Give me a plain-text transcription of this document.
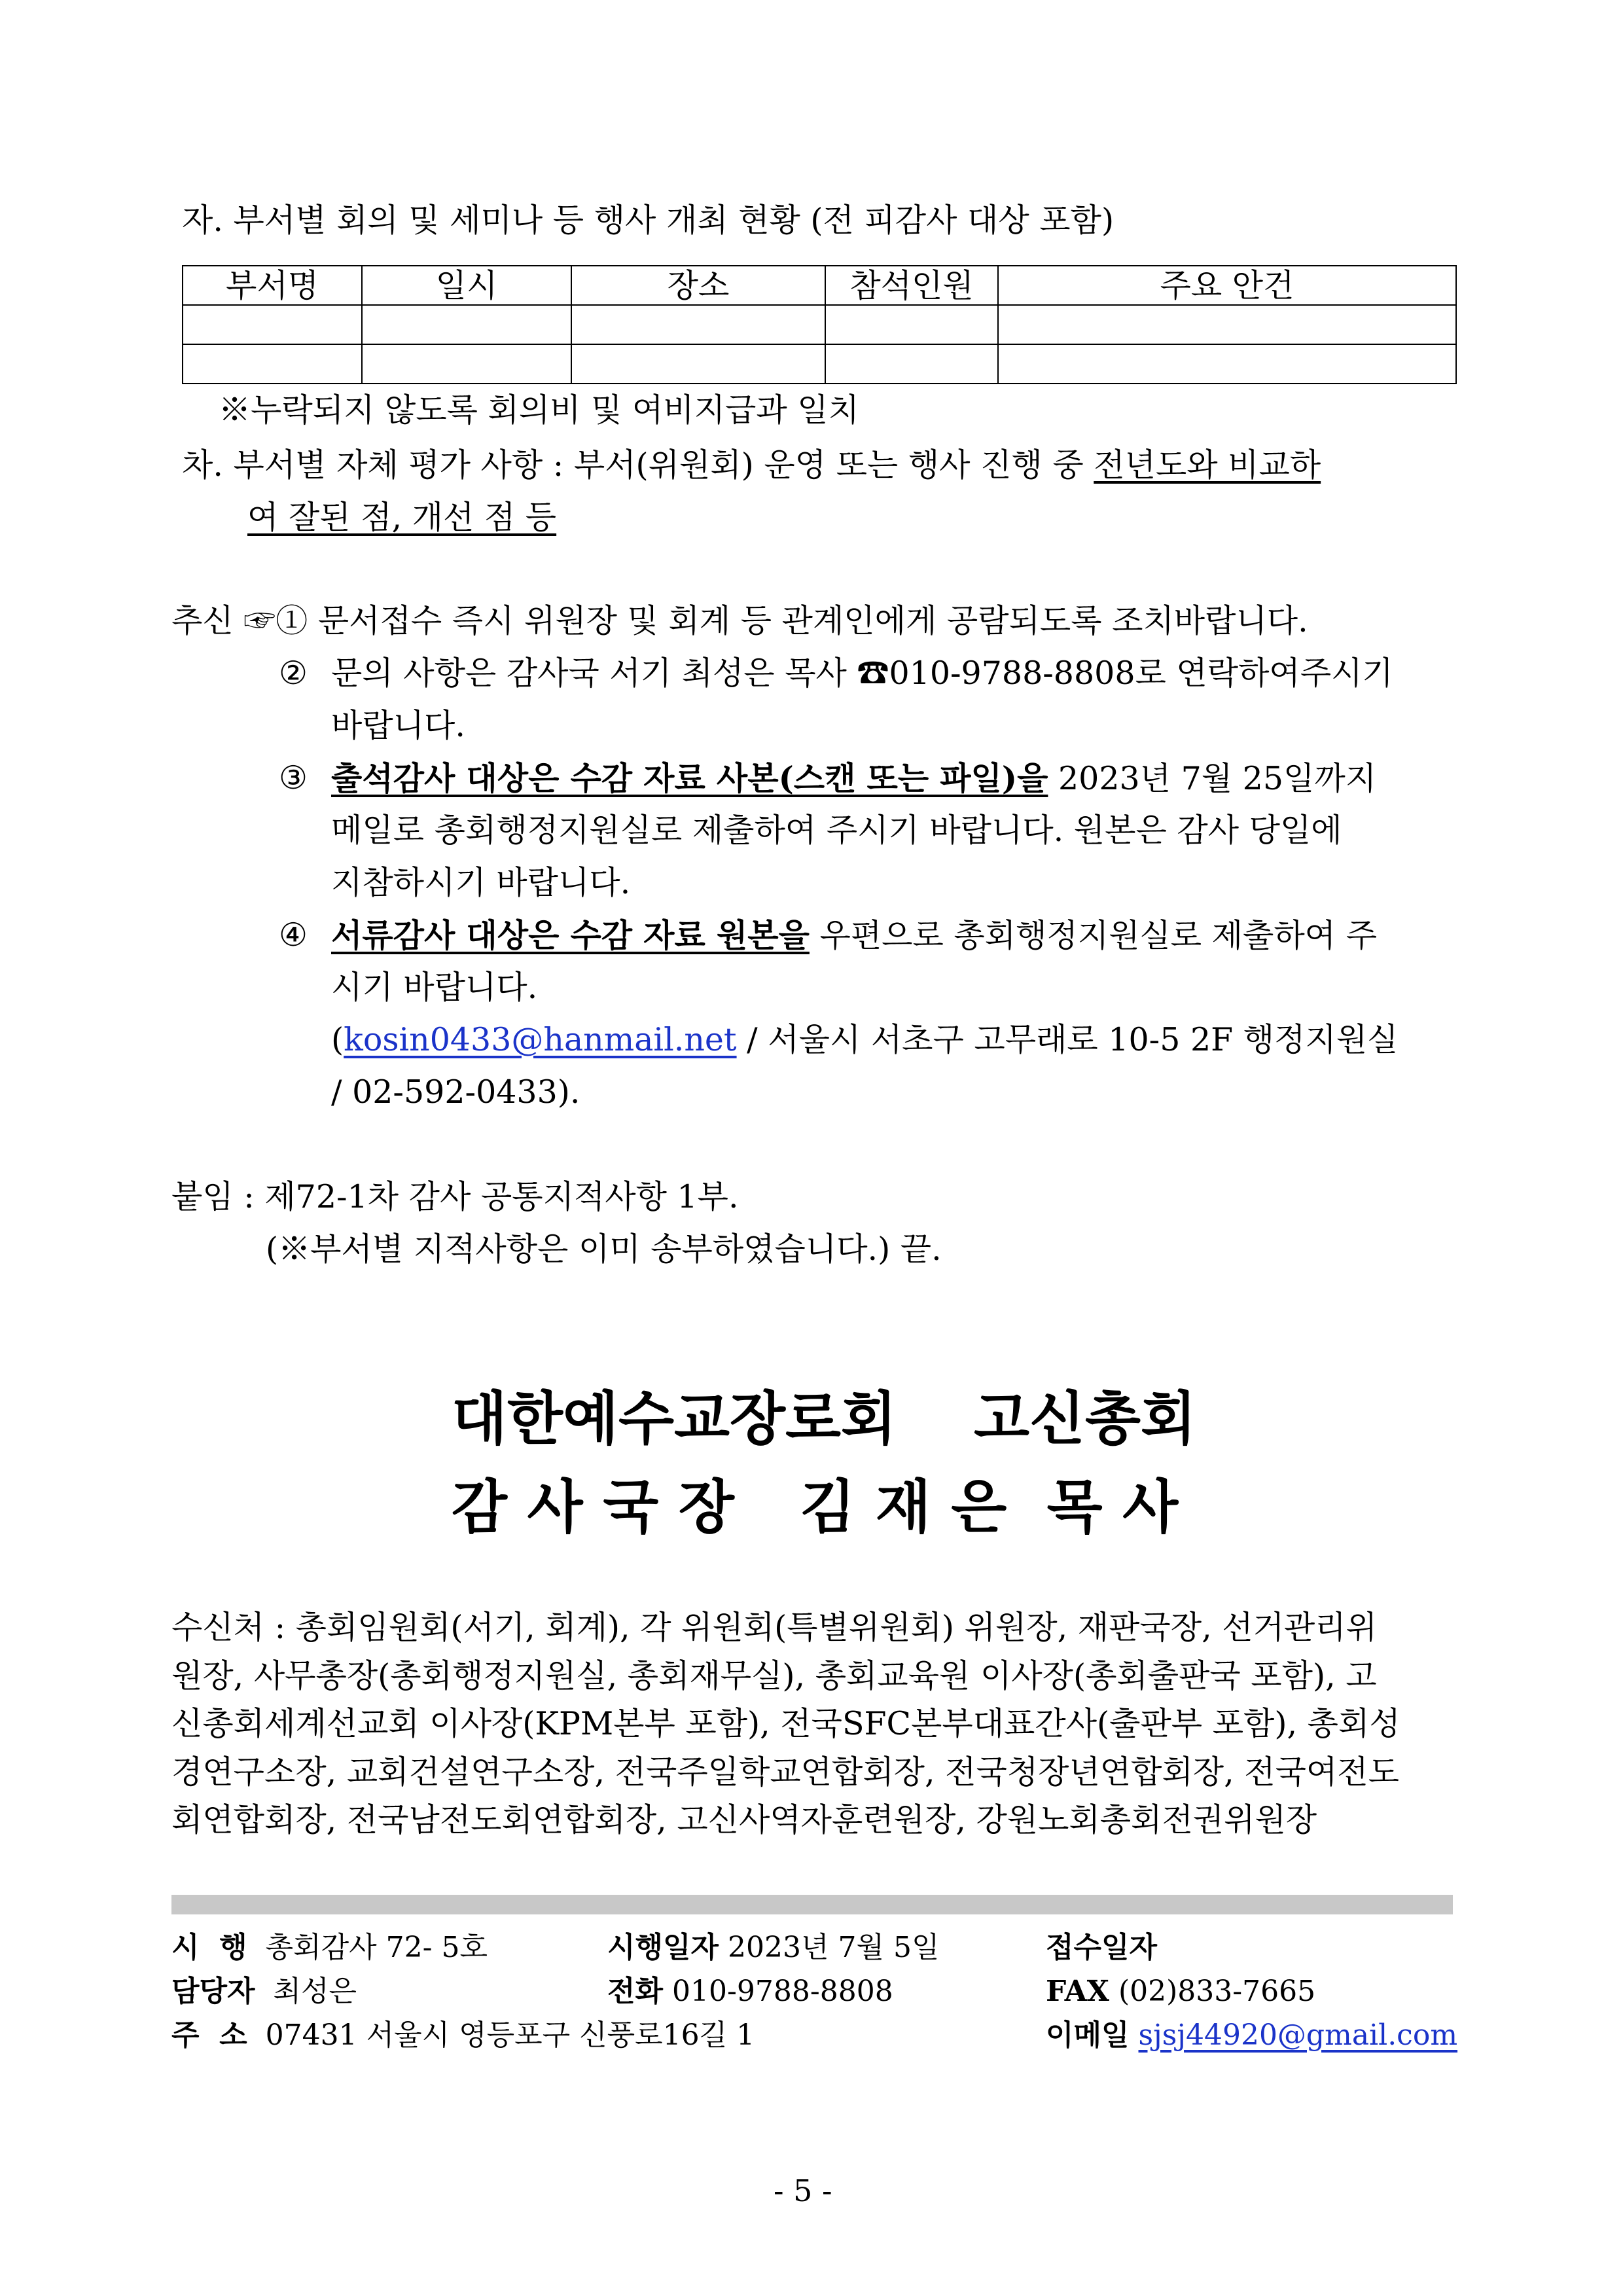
자. 부서별 회의 및 세미나 등 행사 개최 현황 (전 피감사 대상 포함)
부서명	일시	장소	참석인원	주요 안건

※누락되지 않도록 회의비 및 여비지급과 일치
차. 부서별 자체 평가 사항 : 부서(위원회) 운영 또는 행사 진행 중 전년도와 비교하
여 잘된 점, 개선 점 등
추신 ☞① 문서접수 즉시 위원장 및 회계 등 관계인에게 공람되도록 조치바랍니다.
② 문의 사항은 감사국 서기 최성은 목사 ☎010-9788-8808로 연락하여주시기
바랍니다.
③ 출석감사 대상은 수감 자료 사본(스캔 또는 파일)을 2023년 7월 25일까지
메일로 총회행정지원실로 제출하여 주시기 바랍니다. 원본은 감사 당일에
지참하시기 바랍니다.
④ 서류감사 대상은 수감 자료 원본을 우편으로 총회행정지원실로 제출하여 주
시기 바랍니다.
(kosin0433@hanmail.net / 서울시 서초구 고무래로 10-5 2F 행정지원실
/ 02-592-0433).
붙임 : 제72-1차 감사 공통지적사항 1부.
(※부서별 지적사항은 이미 송부하였습니다.) 끝.
대한예수교장로회 고신총회
감 사 국 장 김 재 은  목 사
수신처 : 총회임원회(서기, 회계), 각 위원회(특별위원회) 위원장, 재판국장, 선거관리위
원장, 사무총장(총회행정지원실, 총회재무실), 총회교육원 이사장(총회출판국 포함), 고
신총회세계선교회 이사장(KPM본부 포함), 전국SFC본부대표간사(출판부 포함), 총회성
경연구소장, 교회건설연구소장, 전국주일학교연합회장, 전국청장년연합회장, 전국여전도
회연합회장, 전국남전도회연합회장, 고신사역자훈련원장, 강원노회총회전권위원장
시  행 총회감사 72- 5호	시행일자 2023년 7월 5일	접수일자
담당자 최성은	전화 010-9788-8808	FAX (02)833-7665
주  소 07431 서울시 영등포구 신풍로16길 1	이메일 sjsj44920@gmail.com
- 5 -
